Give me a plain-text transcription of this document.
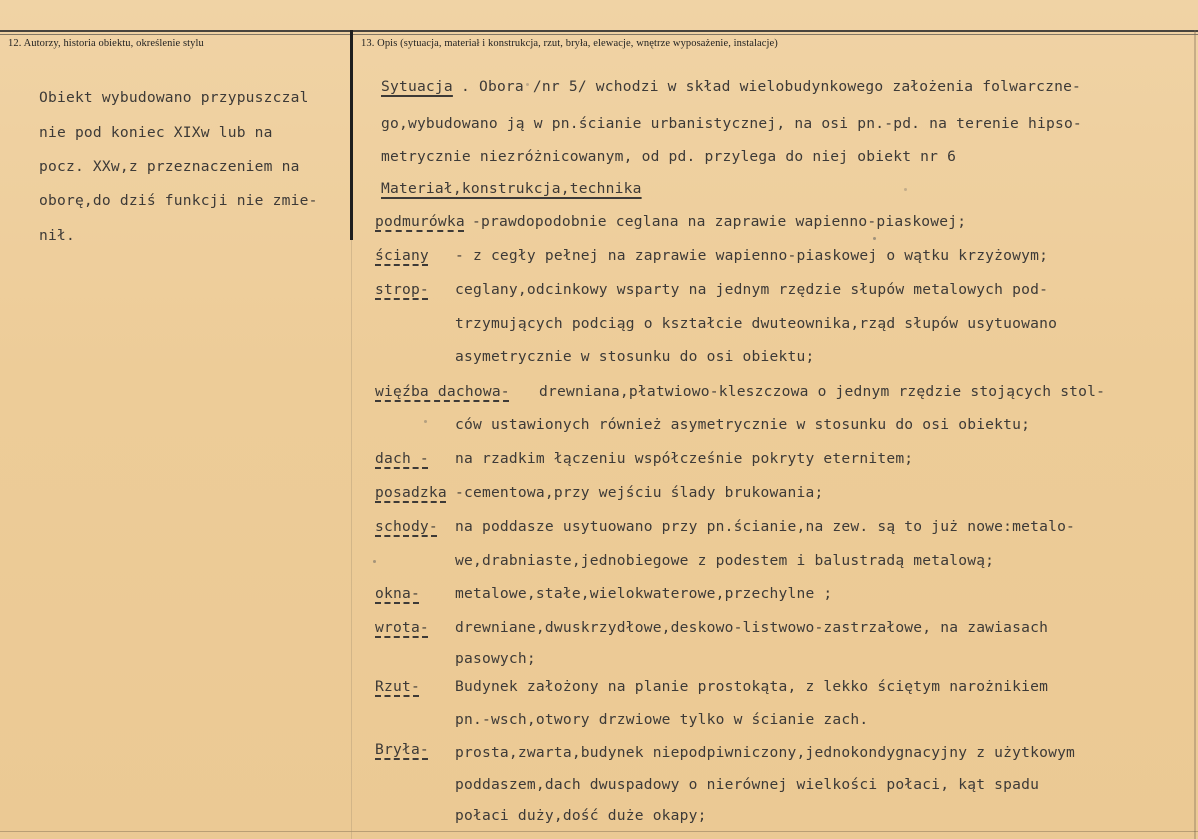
12. Autorzy, historia obiektu, określenie stylu	13. Opis (sytuacja, materiał i konstrukcja, rzut, bryła, elewacje, wnętrze wyposażenie, instalacje)
Obiekt wybudowano przypuszczal
nie pod koniec XIXw lub na
pocz. XXw,z przeznaczeniem na
oborę,do dziś funkcji nie zmie-
nił.
Sytuacja . Obora /nr 5/ wchodzi w skład wielobudynkowego założenia folwarczne-
go,wybudowano ją w pn.ścianie urbanistycznej, na osi pn.-pd. na terenie hipso-
metrycznie niezróżnicowanym, od pd. przylega do niej obiekt nr 6
Materiał,konstrukcja,technika
podmurówka -prawdopodobnie ceglana na zaprawie wapienno-piaskowej;
ściany - z cegły pełnej na zaprawie wapienno-piaskowej o wątku krzyżowym;
strop- ceglany,odcinkowy wsparty na jednym rzędzie słupów metalowych pod-
trzymujących podciąg o kształcie dwuteownika,rząd słupów usytuowano
asymetrycznie w stosunku do osi obiektu;
więźba dachowa- drewniana,płatwiowo-kleszczowa o jednym rzędzie stojących stol-
ców ustawionych również asymetrycznie w stosunku do osi obiektu;
dach - na rzadkim łączeniu współcześnie pokryty eternitem;
posadzka -cementowa,przy wejściu ślady brukowania;
schody- na poddasze usytuowano przy pn.ścianie,na zew. są to już nowe:metalo-
we,drabniaste,jednobiegowe z podestem i balustradą metalową;
okna- metalowe,stałe,wielokwaterowe,przechylne ;
wrota- drewniane,dwuskrzydłowe,deskowo-listwowo-zastrzałowe, na zawiasach
pasowych;
Rzut- Budynek założony na planie prostokąta, z lekko ściętym narożnikiem
pn.-wsch,otwory drzwiowe tylko w ścianie zach.
Bryła- prosta,zwarta,budynek niepodpiwniczony,jednokondygnacyjny z użytkowym
poddaszem,dach dwuspadowy o nierównej wielkości połaci, kąt spadu
połaci duży,dość duże okapy;
